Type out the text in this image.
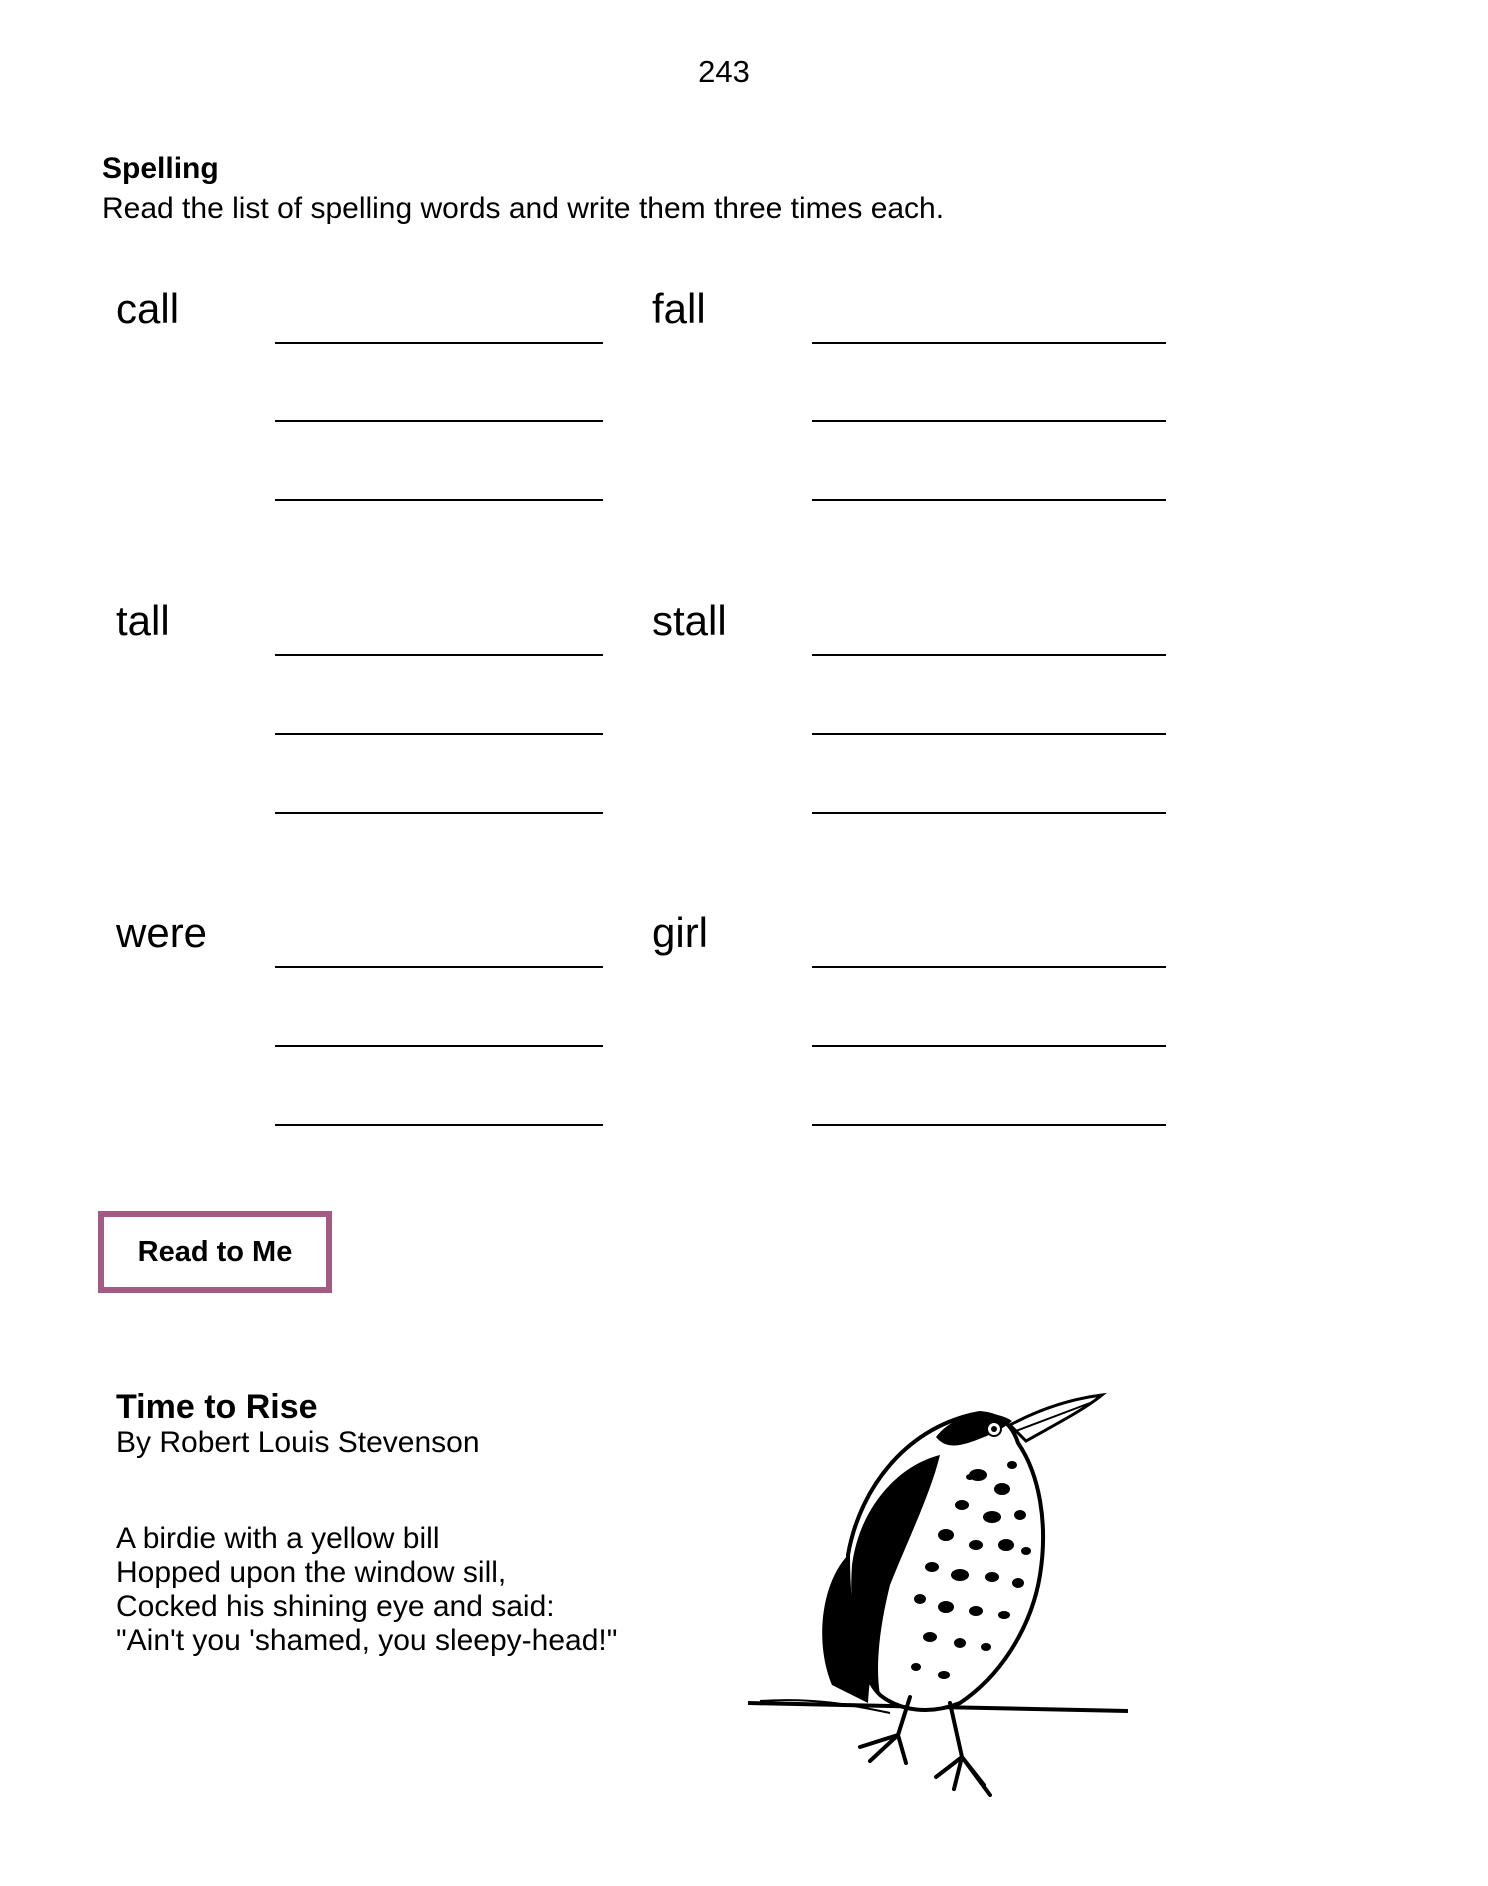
243
Spelling
Read the list of spelling words and write them three times each.
call	fall
tall	stall
were	girl
Read to Me
Time to Rise
By Robert Louis Stevenson
A birdie with a yellow bill
Hopped upon the window sill,
Cocked his shining eye and said:
"Ain't you 'shamed, you sleepy-head!"
